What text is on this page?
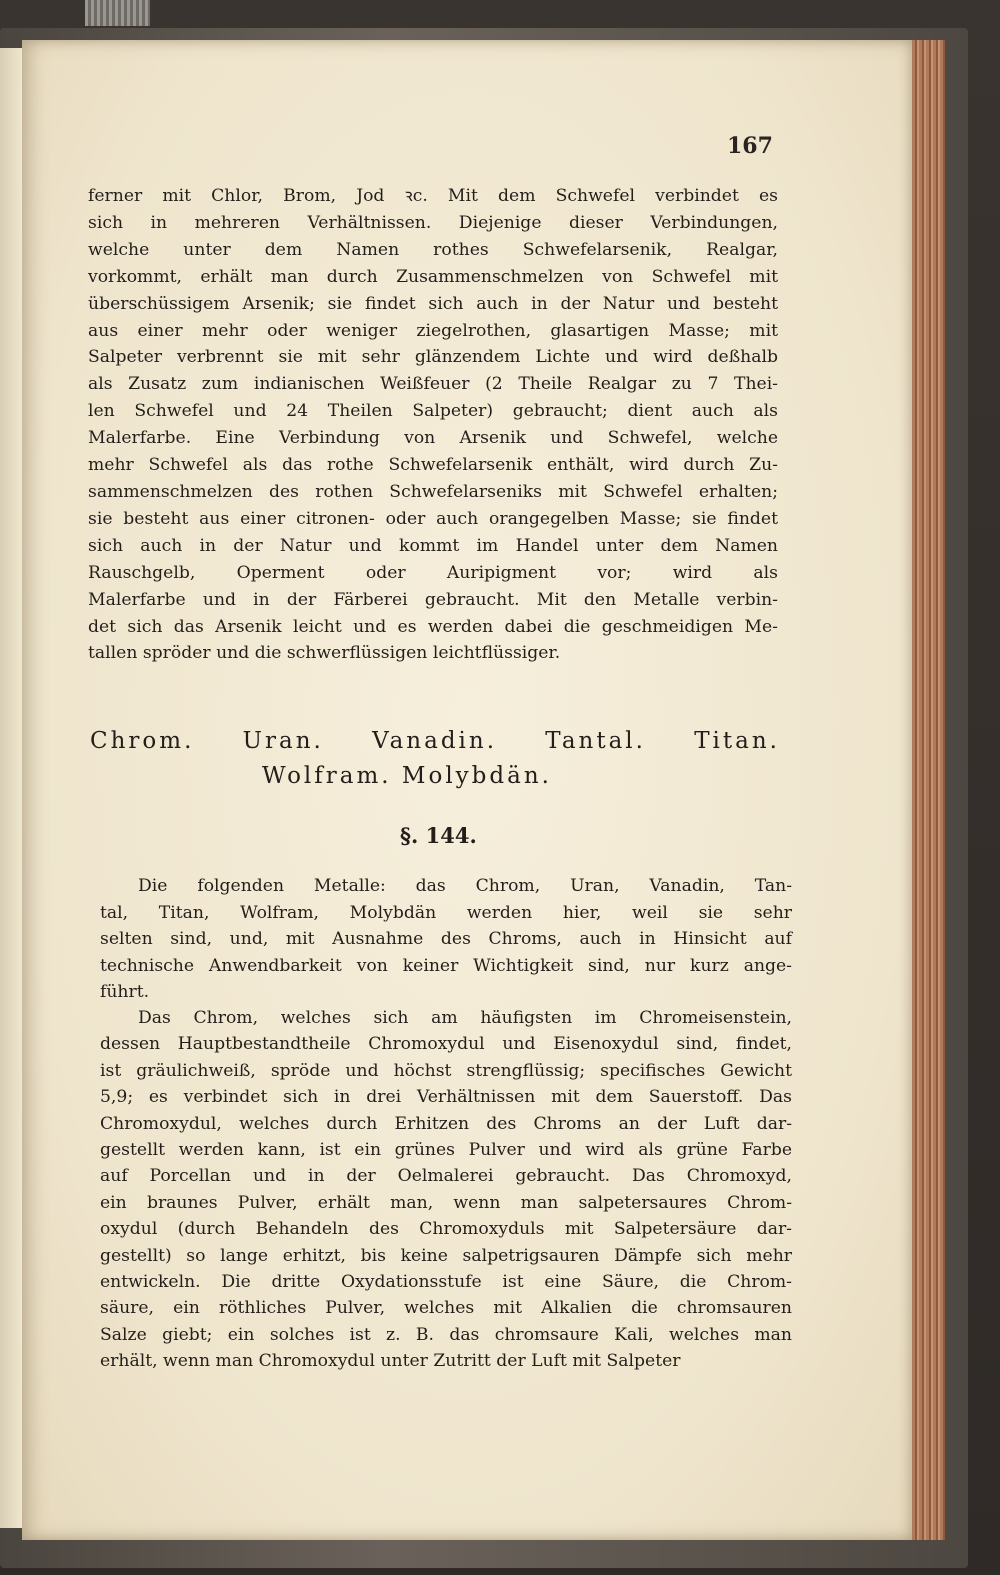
167
ferner mit Chlor, Brom, Jod ꝛc. Mit dem Schwefel verbindet es
sich in mehreren Verhältnissen. Diejenige dieser Verbindungen,
welche unter dem Namen rothes Schwefelarsenik, Realgar,
vorkommt, erhält man durch Zusammenschmelzen von Schwefel mit
überschüssigem Arsenik; sie findet sich auch in der Natur und besteht
aus einer mehr oder weniger ziegelrothen, glasartigen Masse; mit
Salpeter verbrennt sie mit sehr glänzendem Lichte und wird deßhalb
als Zusatz zum indianischen Weißfeuer (2 Theile Realgar zu 7 Thei-
len Schwefel und 24 Theilen Salpeter) gebraucht; dient auch als
Malerfarbe. Eine Verbindung von Arsenik und Schwefel, welche
mehr Schwefel als das rothe Schwefelarsenik enthält, wird durch Zu-
sammenschmelzen des rothen Schwefelarseniks mit Schwefel erhalten;
sie besteht aus einer citronen- oder auch orangegelben Masse; sie findet
sich auch in der Natur und kommt im Handel unter dem Namen
Rauschgelb, Operment oder Auripigment vor; wird als
Malerfarbe und in der Färberei gebraucht. Mit den Metalle verbin-
det sich das Arsenik leicht und es werden dabei die geschmeidigen Me-
tallen spröder und die schwerflüssigen leichtflüssiger.
Chrom. Uran. Vanadin. Tantal. Titan.
Wolfram. Molybdän.
§. 144.
Die folgenden Metalle: das Chrom, Uran, Vanadin, Tan-
tal, Titan, Wolfram, Molybdän werden hier, weil sie sehr
selten sind, und, mit Ausnahme des Chroms, auch in Hinsicht auf
technische Anwendbarkeit von keiner Wichtigkeit sind, nur kurz ange-
führt.
Das Chrom, welches sich am häufigsten im Chromeisenstein,
dessen Hauptbestandtheile Chromoxydul und Eisenoxydul sind, findet,
ist gräulichweiß, spröde und höchst strengflüssig; specifisches Gewicht
5,9; es verbindet sich in drei Verhältnissen mit dem Sauerstoff. Das
Chromoxydul, welches durch Erhitzen des Chroms an der Luft dar-
gestellt werden kann, ist ein grünes Pulver und wird als grüne Farbe
auf Porcellan und in der Oelmalerei gebraucht. Das Chromoxyd,
ein braunes Pulver, erhält man, wenn man salpetersaures Chrom-
oxydul (durch Behandeln des Chromoxyduls mit Salpetersäure dar-
gestellt) so lange erhitzt, bis keine salpetrigsauren Dämpfe sich mehr
entwickeln. Die dritte Oxydationsstufe ist eine Säure, die Chrom-
säure, ein röthliches Pulver, welches mit Alkalien die chromsauren
Salze giebt; ein solches ist z. B. das chromsaure Kali, welches man
erhält, wenn man Chromoxydul unter Zutritt der Luft mit Salpeter
